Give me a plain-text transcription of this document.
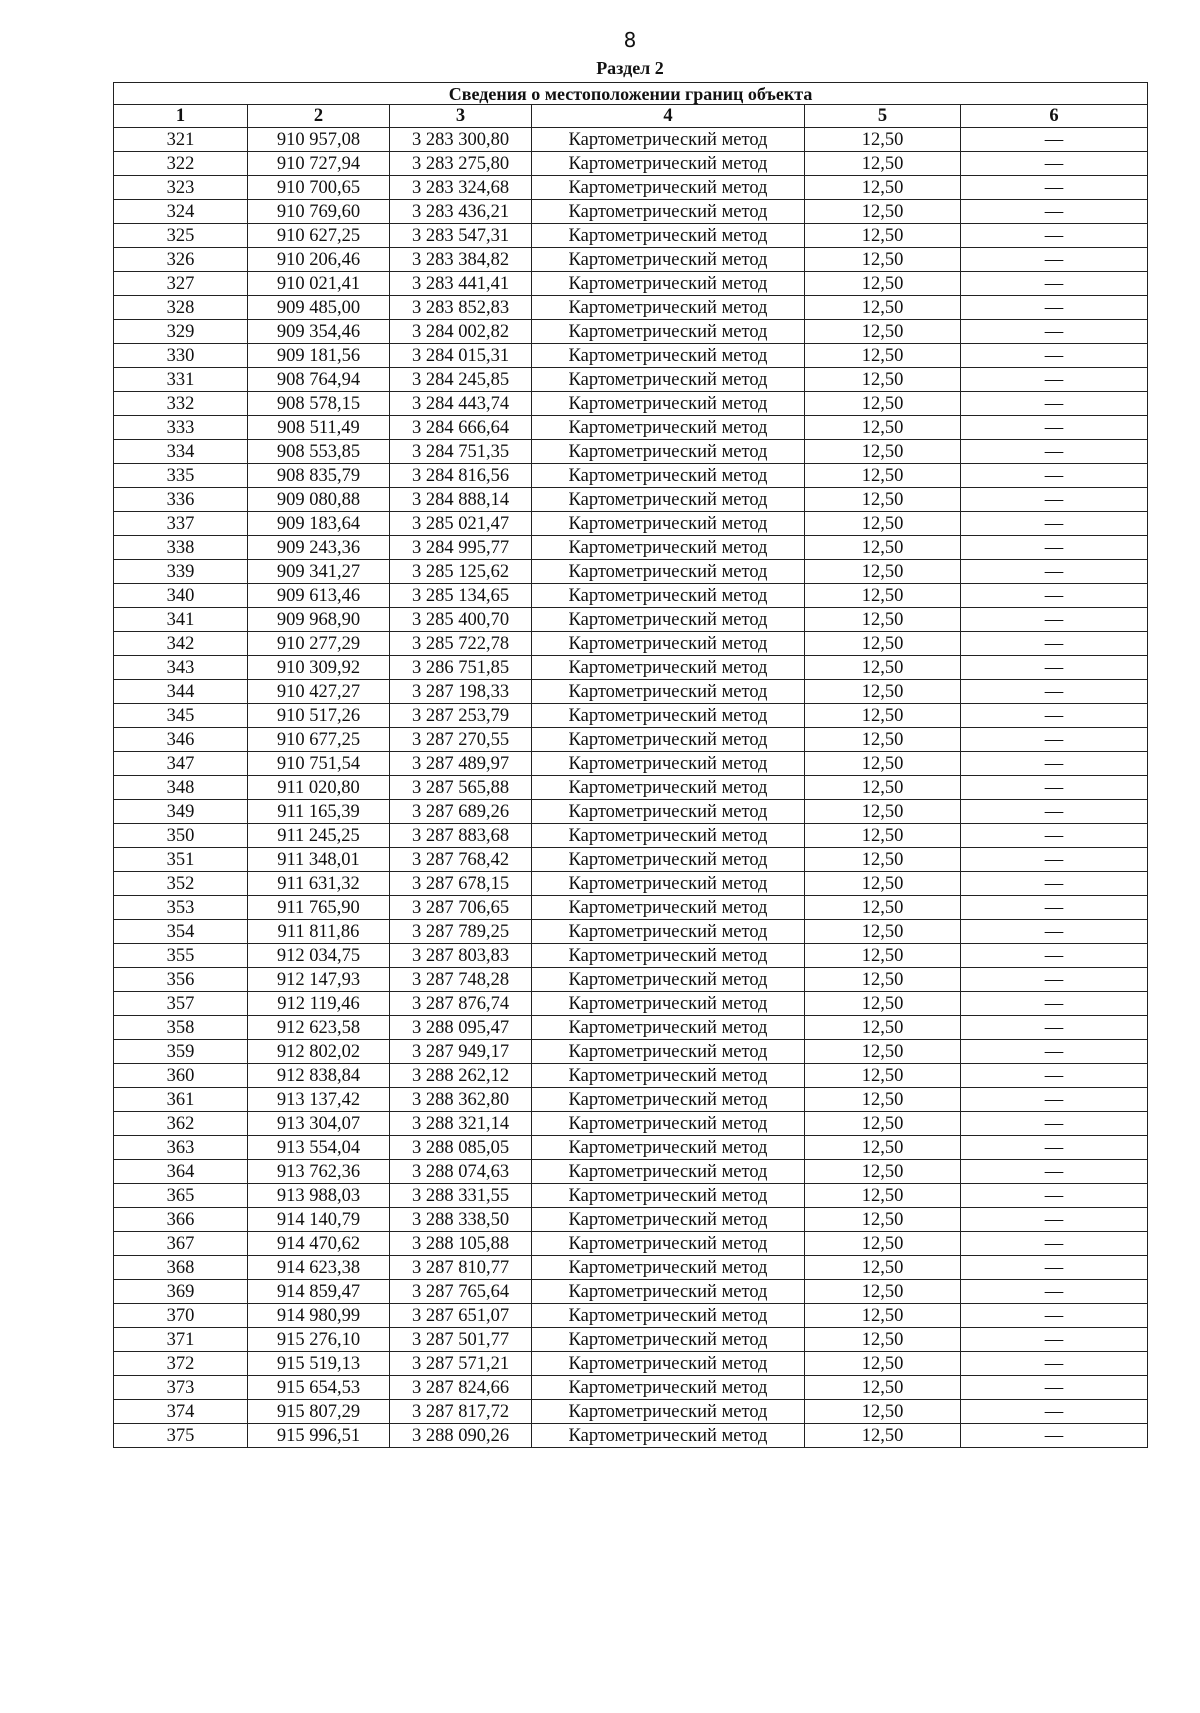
8
Раздел 2
Сведения о местоположении границ объекта					
1	2	3	4	5	6
321	910 957,08	3 283 300,80	Картометрический метод	12,50	—
322	910 727,94	3 283 275,80	Картометрический метод	12,50	—
323	910 700,65	3 283 324,68	Картометрический метод	12,50	—
324	910 769,60	3 283 436,21	Картометрический метод	12,50	—
325	910 627,25	3 283 547,31	Картометрический метод	12,50	—
326	910 206,46	3 283 384,82	Картометрический метод	12,50	—
327	910 021,41	3 283 441,41	Картометрический метод	12,50	—
328	909 485,00	3 283 852,83	Картометрический метод	12,50	—
329	909 354,46	3 284 002,82	Картометрический метод	12,50	—
330	909 181,56	3 284 015,31	Картометрический метод	12,50	—
331	908 764,94	3 284 245,85	Картометрический метод	12,50	—
332	908 578,15	3 284 443,74	Картометрический метод	12,50	—
333	908 511,49	3 284 666,64	Картометрический метод	12,50	—
334	908 553,85	3 284 751,35	Картометрический метод	12,50	—
335	908 835,79	3 284 816,56	Картометрический метод	12,50	—
336	909 080,88	3 284 888,14	Картометрический метод	12,50	—
337	909 183,64	3 285 021,47	Картометрический метод	12,50	—
338	909 243,36	3 284 995,77	Картометрический метод	12,50	—
339	909 341,27	3 285 125,62	Картометрический метод	12,50	—
340	909 613,46	3 285 134,65	Картометрический метод	12,50	—
341	909 968,90	3 285 400,70	Картометрический метод	12,50	—
342	910 277,29	3 285 722,78	Картометрический метод	12,50	—
343	910 309,92	3 286 751,85	Картометрический метод	12,50	—
344	910 427,27	3 287 198,33	Картометрический метод	12,50	—
345	910 517,26	3 287 253,79	Картометрический метод	12,50	—
346	910 677,25	3 287 270,55	Картометрический метод	12,50	—
347	910 751,54	3 287 489,97	Картометрический метод	12,50	—
348	911 020,80	3 287 565,88	Картометрический метод	12,50	—
349	911 165,39	3 287 689,26	Картометрический метод	12,50	—
350	911 245,25	3 287 883,68	Картометрический метод	12,50	—
351	911 348,01	3 287 768,42	Картометрический метод	12,50	—
352	911 631,32	3 287 678,15	Картометрический метод	12,50	—
353	911 765,90	3 287 706,65	Картометрический метод	12,50	—
354	911 811,86	3 287 789,25	Картометрический метод	12,50	—
355	912 034,75	3 287 803,83	Картометрический метод	12,50	—
356	912 147,93	3 287 748,28	Картометрический метод	12,50	—
357	912 119,46	3 287 876,74	Картометрический метод	12,50	—
358	912 623,58	3 288 095,47	Картометрический метод	12,50	—
359	912 802,02	3 287 949,17	Картометрический метод	12,50	—
360	912 838,84	3 288 262,12	Картометрический метод	12,50	—
361	913 137,42	3 288 362,80	Картометрический метод	12,50	—
362	913 304,07	3 288 321,14	Картометрический метод	12,50	—
363	913 554,04	3 288 085,05	Картометрический метод	12,50	—
364	913 762,36	3 288 074,63	Картометрический метод	12,50	—
365	913 988,03	3 288 331,55	Картометрический метод	12,50	—
366	914 140,79	3 288 338,50	Картометрический метод	12,50	—
367	914 470,62	3 288 105,88	Картометрический метод	12,50	—
368	914 623,38	3 287 810,77	Картометрический метод	12,50	—
369	914 859,47	3 287 765,64	Картометрический метод	12,50	—
370	914 980,99	3 287 651,07	Картометрический метод	12,50	—
371	915 276,10	3 287 501,77	Картометрический метод	12,50	—
372	915 519,13	3 287 571,21	Картометрический метод	12,50	—
373	915 654,53	3 287 824,66	Картометрический метод	12,50	—
374	915 807,29	3 287 817,72	Картометрический метод	12,50	—
375	915 996,51	3 288 090,26	Картометрический метод	12,50	—
